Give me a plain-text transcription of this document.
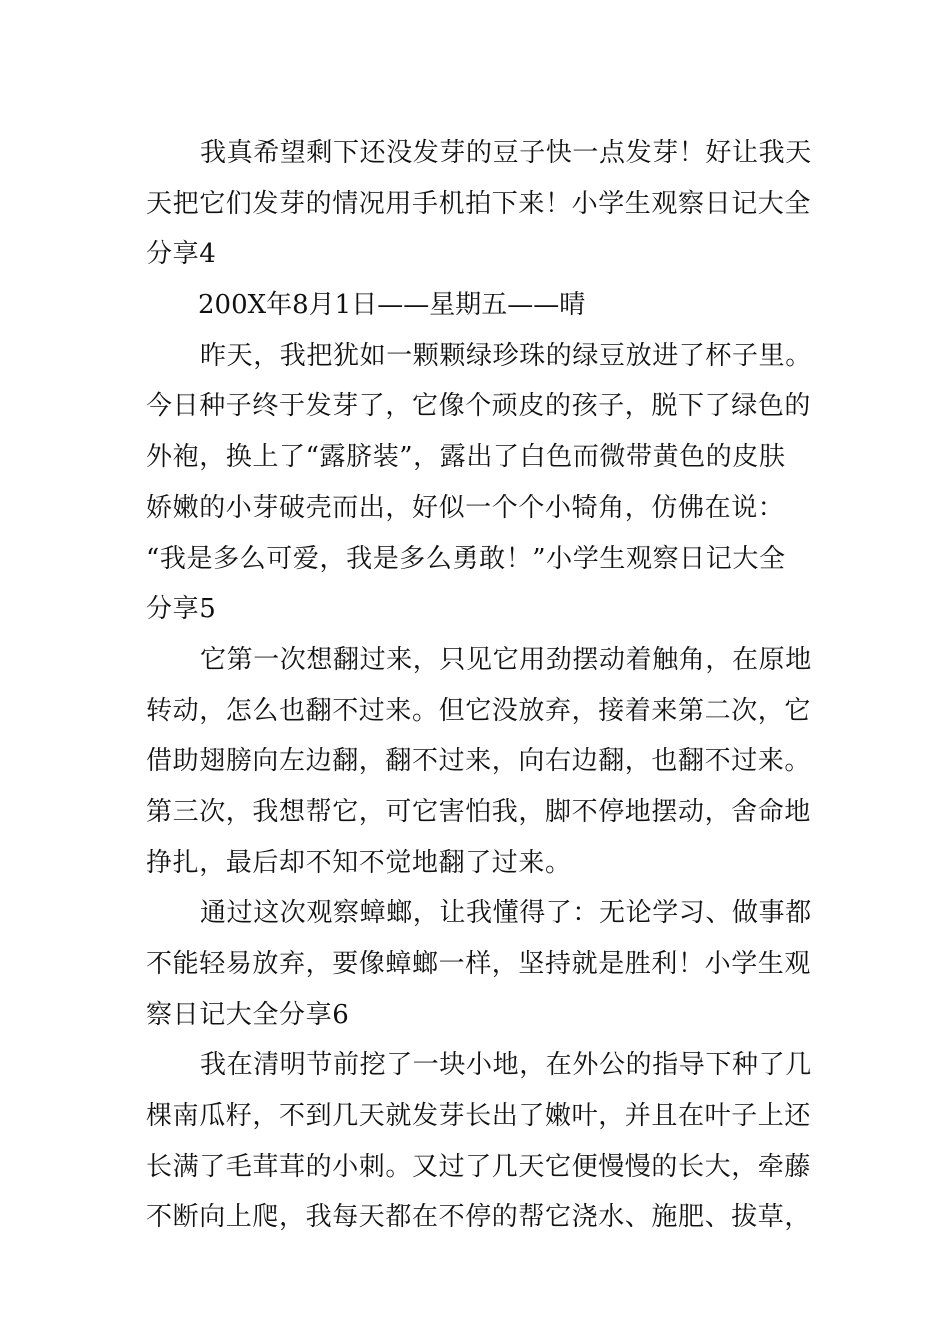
我真希望剩下还没发芽的豆子快一点发芽！好让我天
天把它们发芽的情况用手机拍下来！小学生观察日记大全
分享4
200X年8月1日——星期五——晴
昨天，我把犹如一颗颗绿珍珠的绿豆放进了杯子里。
今日种子终于发芽了，它像个顽皮的孩子，脱下了绿色的
外袍，换上了“露脐装”，露出了白色而微带黄色的皮肤
娇嫩的小芽破壳而出，好似一个个小犄角，仿佛在说：
“我是多么可爱，我是多么勇敢！”小学生观察日记大全
分享5
它第一次想翻过来，只见它用劲摆动着触角，在原地
转动，怎么也翻不过来。但它没放弃，接着来第二次，它
借助翅膀向左边翻，翻不过来，向右边翻，也翻不过来。
第三次，我想帮它，可它害怕我，脚不停地摆动，舍命地
挣扎，最后却不知不觉地翻了过来。
通过这次观察蟑螂，让我懂得了：无论学习、做事都
不能轻易放弃，要像蟑螂一样，坚持就是胜利！小学生观
察日记大全分享6
我在清明节前挖了一块小地，在外公的指导下种了几
棵南瓜籽，不到几天就发芽长出了嫩叶，并且在叶子上还
长满了毛茸茸的小刺。又过了几天它便慢慢的长大，牵藤
不断向上爬，我每天都在不停的帮它浇水、施肥、拔草，
